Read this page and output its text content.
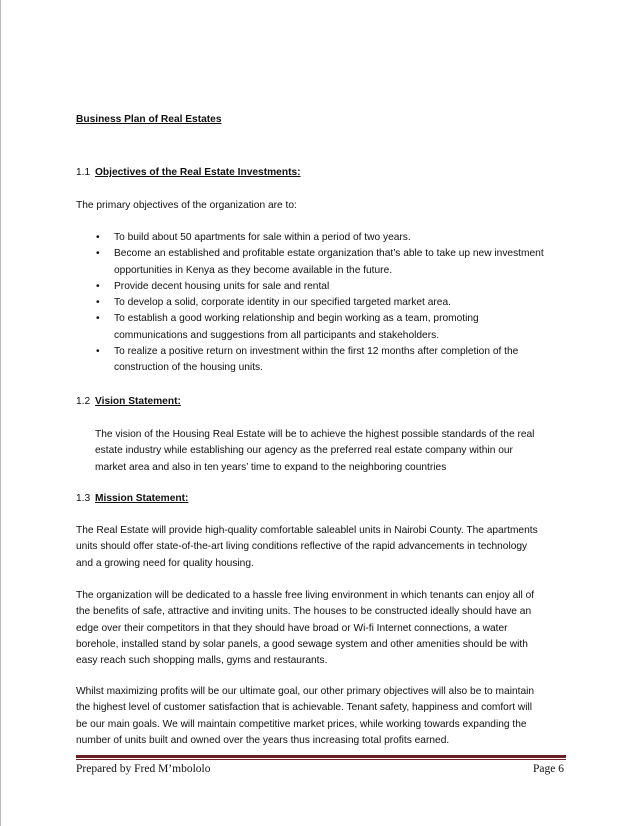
Business Plan of Real Estates
1.1 Objectives of the Real Estate Investments:
The primary objectives of the organization are to:
• To build about 50 apartments for sale within a period of two years.
• Become an established and profitable estate organization that’s able to take up new investment
opportunities in Kenya as they become available in the future.
• Provide decent housing units for sale and rental
• To develop a solid, corporate identity in our specified targeted market area.
• To establish a good working relationship and begin working as a team, promoting
communications and suggestions from all participants and stakeholders.
• To realize a positive return on investment within the first 12 months after completion of the
construction of the housing units.
1.2 Vision Statement:

The vision of the Housing Real Estate will be to achieve the highest possible standards of the real
estate industry while establishing our agency as the preferred real estate company within our
market area and also in ten years’ time to expand to the neighboring countries

1.3 Mission Statement:

The Real Estate will provide high-quality comfortable saleablel units in Nairobi County. The apartments
units should offer state-of-the-art living conditions reflective of the rapid advancements in technology
and a growing need for quality housing.

The organization will be dedicated to a hassle free living environment in which tenants can enjoy all of
the benefits of safe, attractive and inviting units. The houses to be constructed ideally should have an
edge over their competitors in that they should have broad or Wi-fi Internet connections, a water
borehole, installed stand by solar panels, a good sewage system and other amenities should be with
easy reach such shopping malls, gyms and restaurants.

Whilst maximizing profits will be our ultimate goal, our other primary objectives will also be to maintain
the highest level of customer satisfaction that is achievable. Tenant safety, happiness and comfort will
be our main goals. We will maintain competitive market prices, while working towards expanding the
number of units built and owned over the years thus increasing total profits earned.

Prepared by Fred M’mbololo	Page 6
